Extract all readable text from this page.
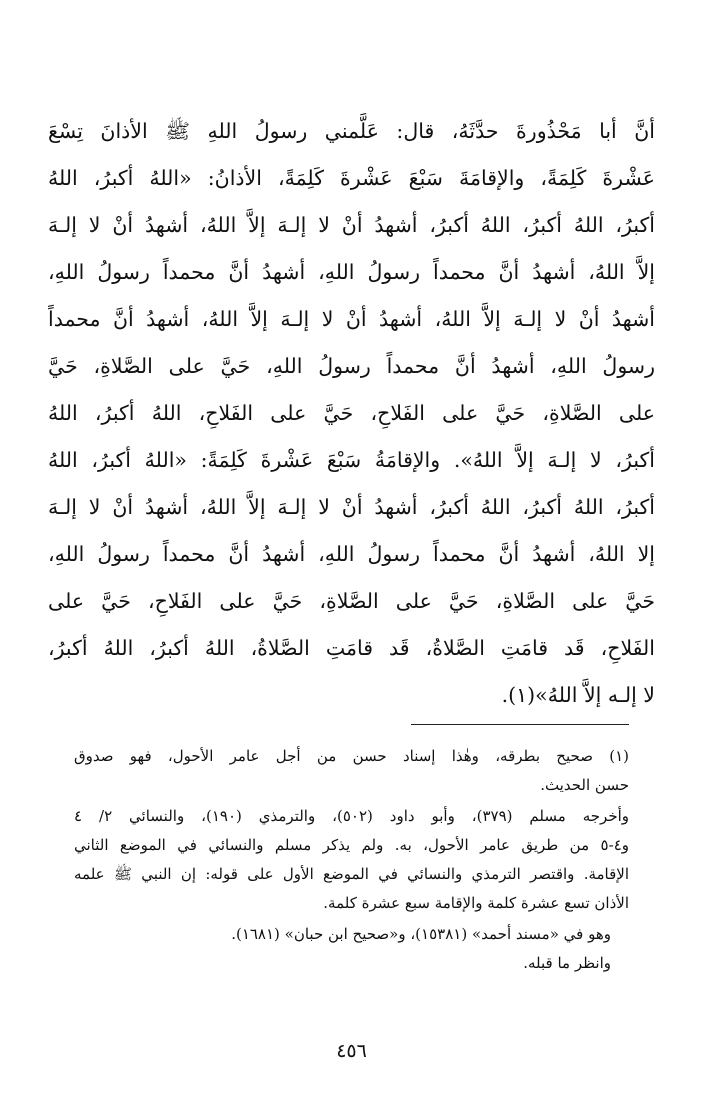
أنَّ أبا مَحْذُورةَ حدَّثَهُ، قال: عَلَّمني رسولُ اللهِ ﷺ الأذانَ تِسْعَ
عَشْرةَ كَلِمَةً، والإقامَةَ سَبْعَ عَشْرةَ كَلِمَةً، الأذانُ: «اللهُ أكبرُ، اللهُ
أكبرُ، اللهُ أكبرُ، اللهُ أكبرُ، أشهدُ أنْ لا إلـهَ إلاَّ اللهُ، أشهدُ أنْ لا إلـهَ
إلاَّ اللهُ، أشهدُ أنَّ محمداً رسولُ اللهِ، أشهدُ أنَّ محمداً رسولُ اللهِ،
أشهدُ أنْ لا إلـهَ إلاَّ اللهُ، أشهدُ أنْ لا إلـهَ إلاَّ اللهُ، أشهدُ أنَّ محمداً
رسولُ اللهِ، أشهدُ أنَّ محمداً رسولُ اللهِ، حَيَّ على الصَّلاةِ، حَيَّ
على الصَّلاةِ، حَيَّ على الفَلاحِ، حَيَّ على الفَلاحِ، اللهُ أكبرُ، اللهُ
أكبرُ، لا إلـهَ إلاَّ اللهُ». والإقامَةُ سَبْعَ عَشْرةَ كَلِمَةً: «اللهُ أكبرُ، اللهُ
أكبرُ، اللهُ أكبرُ، اللهُ أكبرُ، أشهدُ أنْ لا إلـهَ إلاَّ اللهُ، أشهدُ أنْ لا إلـهَ
إلا اللهُ، أشهدُ أنَّ محمداً رسولُ اللهِ، أشهدُ أنَّ محمداً رسولُ اللهِ،
حَيَّ على الصَّلاةِ، حَيَّ على الصَّلاةِ، حَيَّ على الفَلاحِ، حَيَّ على
الفَلاحِ، قَد قامَتِ الصَّلاةُ، قَد قامَتِ الصَّلاةُ، اللهُ أكبرُ، اللهُ أكبرُ،
لا إلـه إلاَّ اللهُ»(١).
(١) صحيح بطرقه، وهٰذا إسناد حسن من أجل عامر الأحول، فهو صدوق
حسن الحديث.
وأخرجه مسلم (٣٧٩)، وأبو داود (٥٠٢)، والترمذي (١٩٠)، والنسائي ٢/ ٤
و٤-٥ من طريق عامر الأحول، به. ولم يذكر مسلم والنسائي في الموضع الثاني
الإقامة. واقتصر الترمذي والنسائي في الموضع الأول على قوله: إن النبي ﷺ علمه
الأذان تسع عشرة كلمة والإقامة سبع عشرة كلمة.
وهو في «مسند أحمد» (١٥٣٨١)، و«صحيح ابن حبان» (١٦٨١).
وانظر ما قبله.
٤٥٦
